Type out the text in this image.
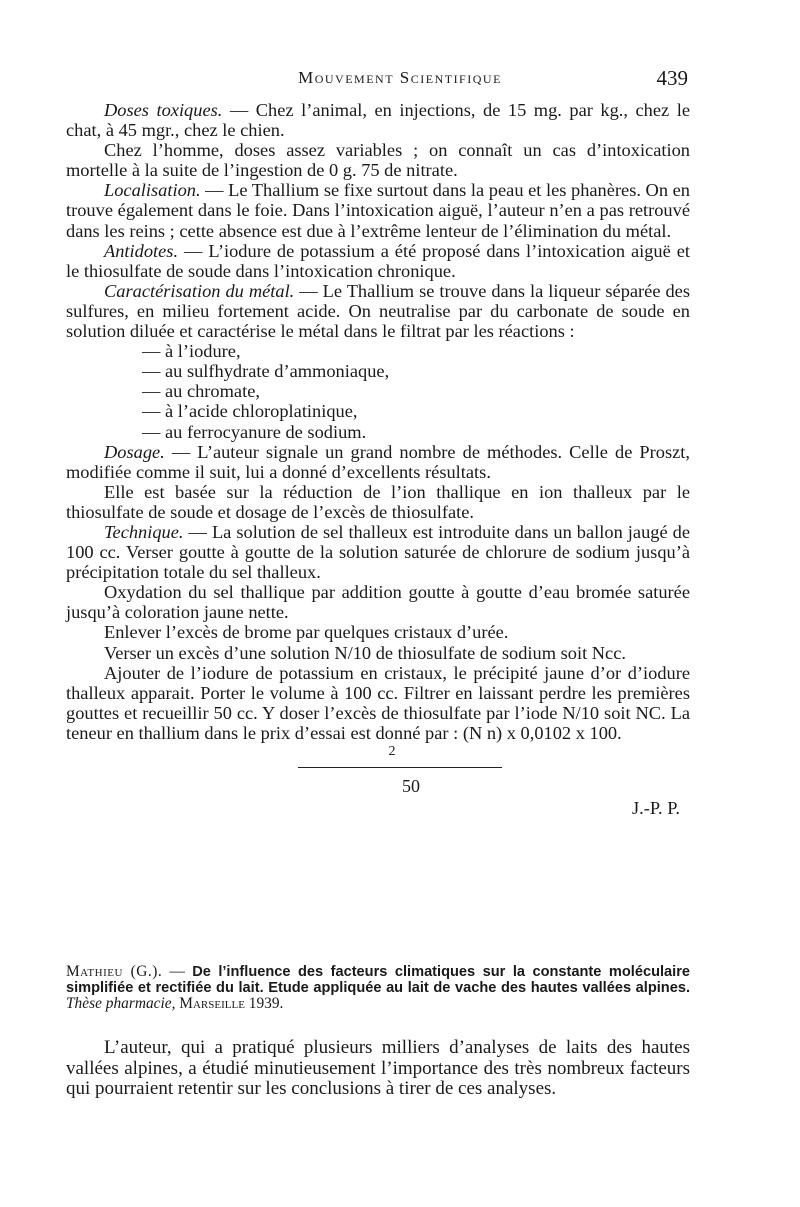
Mouvement Scientifique	439

Doses toxiques. — Chez l’animal, en injections, de 15 mg. par kg., chez le chat, à 45 mgr., chez le chien.

Chez l’homme, doses assez variables ; on connaît un cas d’intoxication mortelle à la suite de l’ingestion de 0 g. 75 de nitrate.

Localisation. — Le Thallium se fixe surtout dans la peau et les phanères. On en trouve également dans le foie. Dans l’intoxication aiguë, l’auteur n’en a pas retrouvé dans les reins ; cette absence est due à l’extrême lenteur de l’élimination du métal.

Antidotes. — L’iodure de potassium a été proposé dans l’intoxication aiguë et le thiosulfate de soude dans l’intoxication chronique.

Caractérisation du métal. — Le Thallium se trouve dans la liqueur séparée des sulfures, en milieu fortement acide. On neutralise par du carbonate de soude en solution diluée et caractérise le métal dans le filtrat par les réactions :

— à l’iodure,
— au sulfhydrate d’ammoniaque,
— au chromate,
— à l’acide chloroplatinique,
— au ferrocyanure de sodium.

Dosage. — L’auteur signale un grand nombre de méthodes. Celle de Proszt, modifiée comme il suit, lui a donné d’excellents résultats.

Elle est basée sur la réduction de l’ion thallique en ion thalleux par le thiosulfate de soude et dosage de l’excès de thiosulfate.

Technique. — La solution de sel thalleux est introduite dans un ballon jaugé de 100 cc. Verser goutte à goutte de la solution saturée de chlorure de sodium jusqu’à précipitation totale du sel thalleux.

Oxydation du sel thallique par addition goutte à goutte d’eau bromée saturée jusqu’à coloration jaune nette.

Enlever l’excès de brome par quelques cristaux d’urée.

Verser un excès d’une solution N/10 de thiosulfate de sodium soit Ncc.

Ajouter de l’iodure de potassium en cristaux, le précipité jaune d’or d’iodure thalleux apparait. Porter le volume à 100 cc. Filtrer en laissant perdre les premières gouttes et recueillir 50 cc. Y doser l’excès de thiosulfate par l’iode N/10 soit NC. La teneur en thallium dans le prix d’essai est donné par : (N n) x 0,0102 x 100.

2
50

J.-P. P.

Mathieu (G.). — De l’influence des facteurs climatiques sur la constante moléculaire simplifiée et rectifiée du lait. Etude appliquée au lait de vache des hautes vallées alpines. Thèse pharmacie, Marseille 1939.

L’auteur, qui a pratiqué plusieurs milliers d’analyses de laits des hautes vallées alpines, a étudié minutieusement l’importance des très nombreux facteurs qui pourraient retentir sur les conclusions à tirer de ces analyses.
